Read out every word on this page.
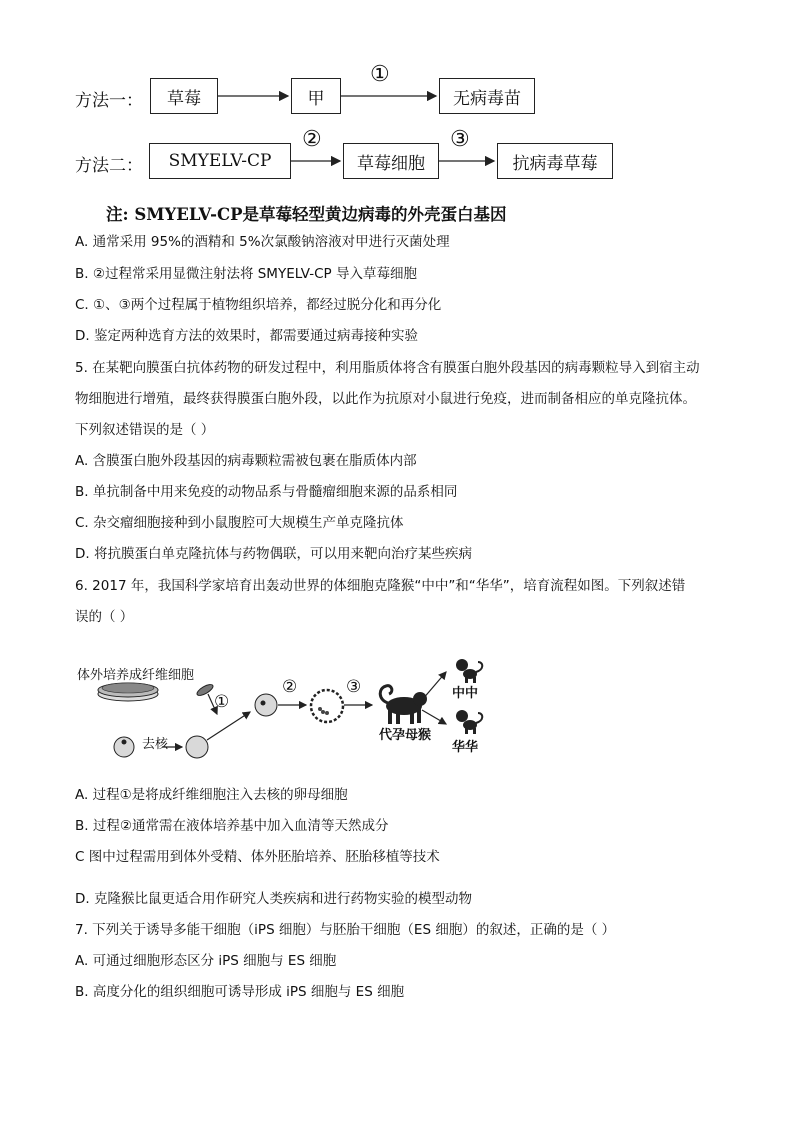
方法一：	草莓	甲
①
无病毒苗
方法二：	SMYELV-CP
②
草莓细胞
③
抗病毒草莓
注: SMYELV-CP是草莓轻型黄边病毒的外壳蛋白基因
A. 通常采用 95%的酒精和 5%次氯酸钠溶液对甲进行灭菌处理
B. ②过程常采用显微注射法将 SMYELV-CP 导入草莓细胞
C. ①、③两个过程属于植物组织培养，都经过脱分化和再分化
D. 鉴定两种选育方法的效果时，都需要通过病毒接种实验
5. 在某靶向膜蛋白抗体药物的研发过程中，利用脂质体将含有膜蛋白胞外段基因的病毒颗粒导入到宿主动
物细胞进行增殖，最终获得膜蛋白胞外段，以此作为抗原对小鼠进行免疫，进而制备相应的单克隆抗体。
下列叙述错误的是（ ）
A. 含膜蛋白胞外段基因的病毒颗粒需被包裹在脂质体内部
B. 单抗制备中用来免疫的动物品系与骨髓瘤细胞来源的品系相同
C. 杂交瘤细胞接种到小鼠腹腔可大规模生产单克隆抗体
D. 将抗膜蛋白单克隆抗体与药物偶联，可以用来靶向治疗某些疾病
6. 2017 年，我国科学家培育出轰动世界的体细胞克隆猴“中中”和“华华”，培育流程如图。下列叙述错
误的（ ）
体外培养成纤维细胞
去核
①
②	③
代孕母猴
中中
华华
A. 过程①是将成纤维细胞注入去核的卵母细胞
B. 过程②通常需在液体培养基中加入血清等天然成分
C 图中过程需用到体外受精、体外胚胎培养、胚胎移植等技术
D. 克隆猴比鼠更适合用作研究人类疾病和进行药物实验的模型动物
7. 下列关于诱导多能干细胞（iPS 细胞）与胚胎干细胞（ES 细胞）的叙述，正确的是（ ）
A. 可通过细胞形态区分 iPS 细胞与 ES 细胞
B. 高度分化的组织细胞可诱导形成 iPS 细胞与 ES 细胞
